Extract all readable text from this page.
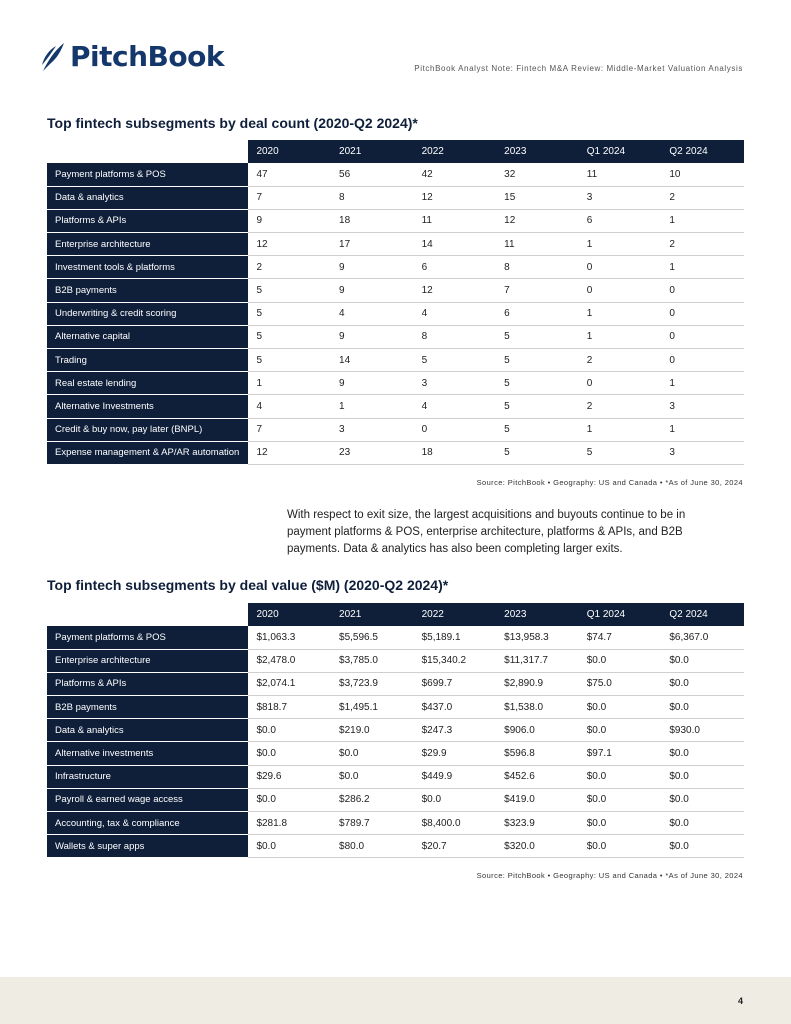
PitchBook	PitchBook Analyst Note: Fintech M&A Review: Middle-Market Valuation Analysis
Top fintech subsegments by deal count (2020-Q2 2024)*
	2020	2021	2022	2023	Q1 2024	Q2 2024
Payment platforms & POS	47	56	42	32	11	10
Data & analytics	7	8	12	15	3	2
Platforms & APIs	9	18	11	12	6	1
Enterprise architecture	12	17	14	11	1	2
Investment tools & platforms	2	9	6	8	0	1
B2B payments	5	9	12	7	0	0
Underwriting & credit scoring	5	4	4	6	1	0
Alternative capital	5	9	8	5	1	0
Trading	5	14	5	5	2	0
Real estate lending	1	9	3	5	0	1
Alternative Investments	4	1	4	5	2	3
Credit & buy now, pay later (BNPL)	7	3	0	5	1	1
Expense management & AP/AR automation	12	23	18	5	5	3
Source: PitchBook • Geography: US and Canada • *As of June 30, 2024
With respect to exit size, the largest acquisitions and buyouts continue to be in payment platforms & POS, enterprise architecture, platforms & APIs, and B2B payments. Data & analytics has also been completing larger exits.
Top fintech subsegments by deal value ($M) (2020-Q2 2024)*
	2020	2021	2022	2023	Q1 2024	Q2 2024
Payment platforms & POS	$1,063.3	$5,596.5	$5,189.1	$13,958.3	$74.7	$6,367.0
Enterprise architecture	$2,478.0	$3,785.0	$15,340.2	$11,317.7	$0.0	$0.0
Platforms & APIs	$2,074.1	$3,723.9	$699.7	$2,890.9	$75.0	$0.0
B2B payments	$818.7	$1,495.1	$437.0	$1,538.0	$0.0	$0.0
Data & analytics	$0.0	$219.0	$247.3	$906.0	$0.0	$930.0
Alternative investments	$0.0	$0.0	$29.9	$596.8	$97.1	$0.0
Infrastructure	$29.6	$0.0	$449.9	$452.6	$0.0	$0.0
Payroll & earned wage access	$0.0	$286.2	$0.0	$419.0	$0.0	$0.0
Accounting, tax & compliance	$281.8	$789.7	$8,400.0	$323.9	$0.0	$0.0
Wallets & super apps	$0.0	$80.0	$20.7	$320.0	$0.0	$0.0
Source: PitchBook • Geography: US and Canada • *As of June 30, 2024
4
